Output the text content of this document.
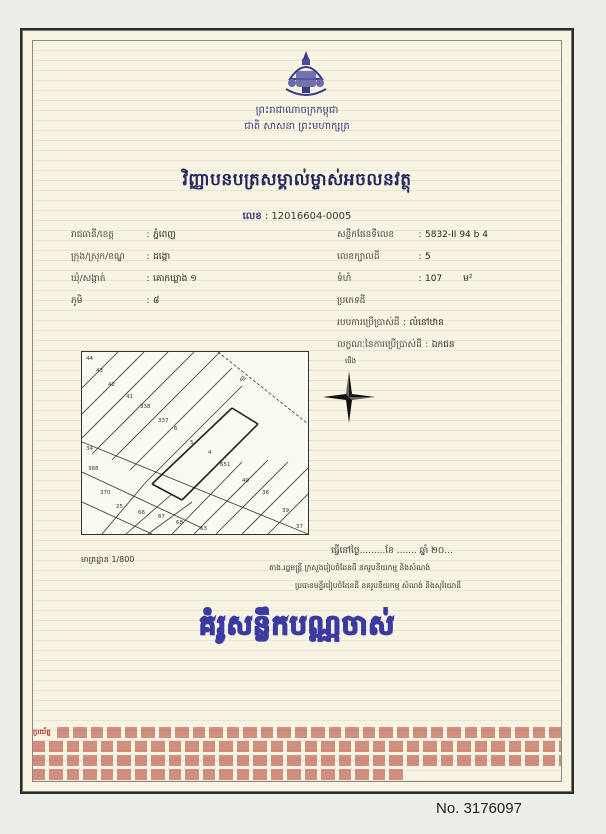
ព្រះរាជាណាចក្រកម្ពុជា
ជាតិ សាសនា ព្រះមហាក្សត្រ
វិញ្ញាបនបត្រសម្គាល់ម្ចាស់អចលនវត្ថុ
លេខ : 12016604-0005
រាជធានី/ខេត្ត	: ភ្នំពេញ
ក្រុង/ស្រុក/ខណ្ឌ : ដង្កោ
ឃុំ/សង្កាត់	: គោកឃ្លាង ១
ភូមិ	: ៨
សន្លឹកផែនទីលេខ	: 5832-II 94 b 4
លេខក្បាលដី	: 5
ទំហំ	: 107 ម²
ប្រភេទដី
របបការប្រើប្រាស់ដី : លំនៅឋាន
លក្ខណៈនៃការប្រើប្រាស់ដី : ឯកជន
44
43
42
41
338
337
6
5
4
651
40
36
34
368
370
25
66
67
68
63
39
37
ផ្លូវ
ជើង
មាត្រដ្ឋាន 1/800
ធ្វើនៅថ្ងៃ.........ខែ ....... ឆ្នាំ ២០...
តាង.រដ្ឋមន្ត្រី ក្រសួងរៀបចំដែនដី នគរូបនីយកម្ម និងសំណង់
ប្រធានមន្ទីររៀបចំដែនដី នគរូបនីយកម្ម សំណង់ និងសុរិយោដី
គំរូសន្លឹកបណ្ណចាស់
ប្រយ័ត្ន
No. 3176097
